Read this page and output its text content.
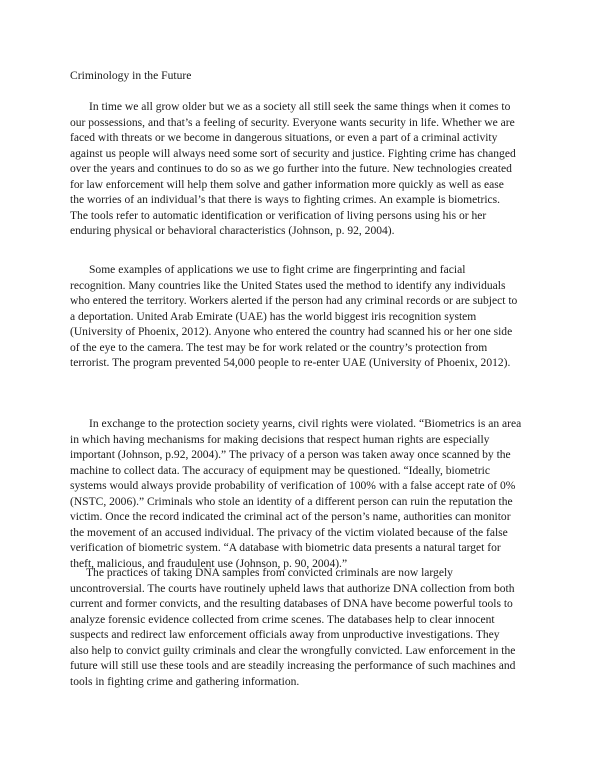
Criminology in the Future
In time we all grow older but we as a society all still seek the same things when it comes to
our possessions, and that’s a feeling of security. Everyone wants security in life. Whether we are
faced with threats or we become in dangerous situations, or even a part of a criminal activity
against us people will always need some sort of security and justice. Fighting crime has changed
over the years and continues to do so as we go further into the future. New technologies created
for law enforcement will help them solve and gather information more quickly as well as ease
the worries of an individual’s that there is ways to fighting crimes. An example is biometrics.
The tools refer to automatic identification or verification of living persons using his or her
enduring physical or behavioral characteristics (Johnson, p. 92, 2004).
Some examples of applications we use to fight crime are fingerprinting and facial
recognition. Many countries like the United States used the method to identify any individuals
who entered the territory. Workers alerted if the person had any criminal records or are subject to
a deportation. United Arab Emirate (UAE) has the world biggest iris recognition system
(University of Phoenix, 2012). Anyone who entered the country had scanned his or her one side
of the eye to the camera. The test may be for work related or the country’s protection from
terrorist. The program prevented 54,000 people to re-enter UAE (University of Phoenix, 2012).
In exchange to the protection society yearns, civil rights were violated. “Biometrics is an area
in which having mechanisms for making decisions that respect human rights are especially
important (Johnson, p.92, 2004).” The privacy of a person was taken away once scanned by the
machine to collect data. The accuracy of equipment may be questioned. “Ideally, biometric
systems would always provide probability of verification of 100% with a false accept rate of 0%
(NSTC, 2006).” Criminals who stole an identity of a different person can ruin the reputation the
victim. Once the record indicated the criminal act of the person’s name, authorities can monitor
the movement of an accused individual. The privacy of the victim violated because of the false
verification of biometric system. “A database with biometric data presents a natural target for
theft, malicious, and fraudulent use (Johnson, p. 90, 2004).”
The practices of taking DNA samples from convicted criminals are now largely
uncontroversial. The courts have routinely upheld laws that authorize DNA collection from both
current and former convicts, and the resulting databases of DNA have become powerful tools to
analyze forensic evidence collected from crime scenes. The databases help to clear innocent
suspects and redirect law enforcement officials away from unproductive investigations. They
also help to convict guilty criminals and clear the wrongfully convicted. Law enforcement in the
future will still use these tools and are steadily increasing the performance of such machines and
tools in fighting crime and gathering information.
